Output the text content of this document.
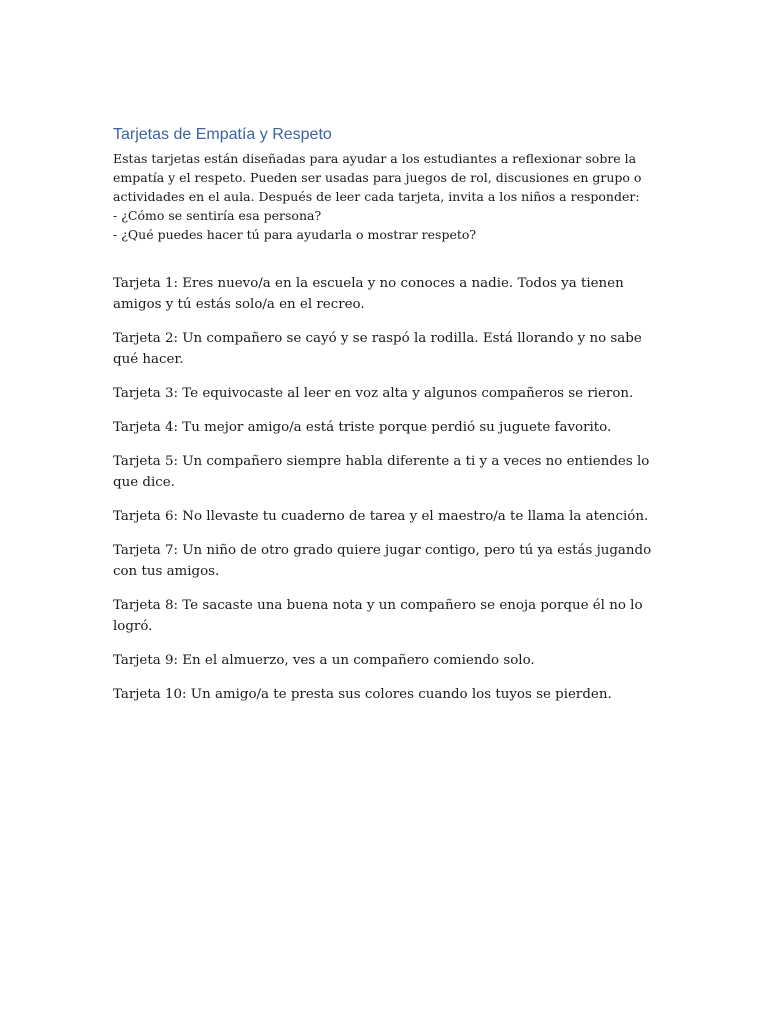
Tarjetas de Empatía y Respeto

Estas tarjetas están diseñadas para ayudar a los estudiantes a reflexionar sobre la empatía y el respeto. Pueden ser usadas para juegos de rol, discusiones en grupo o actividades en el aula. Después de leer cada tarjeta, invita a los niños a responder:
- ¿Cómo se sentiría esa persona?
- ¿Qué puedes hacer tú para ayudarla o mostrar respeto?

Tarjeta 1: Eres nuevo/a en la escuela y no conoces a nadie. Todos ya tienen amigos y tú estás solo/a en el recreo.

Tarjeta 2: Un compañero se cayó y se raspó la rodilla. Está llorando y no sabe qué hacer.

Tarjeta 3: Te equivocaste al leer en voz alta y algunos compañeros se rieron.

Tarjeta 4: Tu mejor amigo/a está triste porque perdió su juguete favorito.

Tarjeta 5: Un compañero siempre habla diferente a ti y a veces no entiendes lo que dice.

Tarjeta 6: No llevaste tu cuaderno de tarea y el maestro/a te llama la atención.

Tarjeta 7: Un niño de otro grado quiere jugar contigo, pero tú ya estás jugando con tus amigos.

Tarjeta 8: Te sacaste una buena nota y un compañero se enoja porque él no lo logró.

Tarjeta 9: En el almuerzo, ves a un compañero comiendo solo.

Tarjeta 10: Un amigo/a te presta sus colores cuando los tuyos se pierden.
